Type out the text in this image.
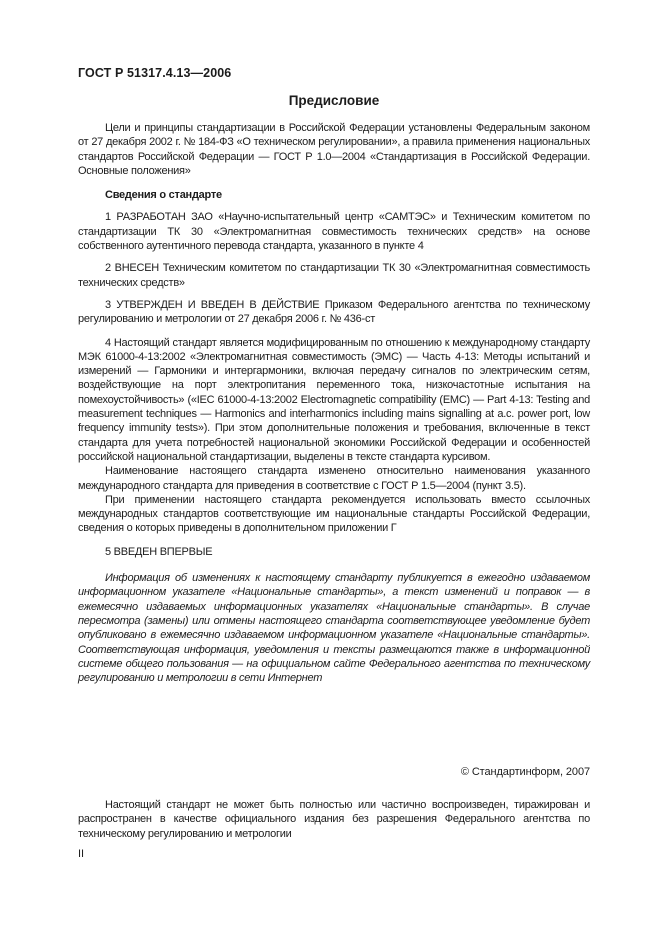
ГОСТ Р 51317.4.13—2006
Предисловие

Цели и принципы стандартизации в Российской Федерации установлены Федеральным законом от 27 декабря 2002 г. № 184-ФЗ «О техническом регулировании», а правила применения национальных стандартов Российской Федерации — ГОСТ Р 1.0—2004 «Стандартизация в Российской Федерации. Основные положения»

Сведения о стандарте

1 РАЗРАБОТАН ЗАО «Научно-испытательный центр «САМТЭС» и Техническим комитетом по стандартизации ТК 30 «Электромагнитная совместимость технических средств» на основе собственного аутентичного перевода стандарта, указанного в пункте 4

2 ВНЕСЕН Техническим комитетом по стандартизации ТК 30 «Электромагнитная совместимость технических средств»

3 УТВЕРЖДЕН И ВВЕДЕН В ДЕЙСТВИЕ Приказом Федерального агентства по техническому регулированию и метрологии от 27 декабря 2006 г. № 436-ст

4 Настоящий стандарт является модифицированным по отношению к международному стандарту МЭК 61000-4-13:2002 «Электромагнитная совместимость (ЭМС) — Часть 4-13: Методы испытаний и измерений — Гармоники и интергармоники, включая передачу сигналов по электрическим сетям, воздействующие на порт электропитания переменного тока, низкочастотные испытания на помехоустойчивость» («IEC 61000-4-13:2002 Electromagnetic compatibility (EMC) — Part 4-13: Testing and measurement techniques — Harmonics and interharmonics including mains signalling at a.c. power port, low frequency immunity tests»). При этом дополнительные положения и требования, включенные в текст стандарта для учета потребностей национальной экономики Российской Федерации и особенностей российской национальной стандартизации, выделены в тексте стандарта курсивом.

Наименование настоящего стандарта изменено относительно наименования указанного международного стандарта для приведения в соответствие с ГОСТ Р 1.5—2004 (пункт 3.5).

При применении настоящего стандарта рекомендуется использовать вместо ссылочных международных стандартов соответствующие им национальные стандарты Российской Федерации, сведения о которых приведены в дополнительном приложении Г

5 ВВЕДЕН ВПЕРВЫЕ

Информация об изменениях к настоящему стандарту публикуется в ежегодно издаваемом информационном указателе «Национальные стандарты», а текст изменений и поправок — в ежемесячно издаваемых информационных указателях «Национальные стандарты». В случае пересмотра (замены) или отмены настоящего стандарта соответствующее уведомление будет опубликовано в ежемесячно издаваемом информационном указателе «Национальные стандарты». Соответствующая информация, уведомления и тексты размещаются также в информационной системе общего пользования — на официальном сайте Федерального агентства по техническому регулированию и метрологии в сети Интернет

© Стандартинформ, 2007

Настоящий стандарт не может быть полностью или частично воспроизведен, тиражирован и распространен в качестве официального издания без разрешения Федерального агентства по техническому регулированию и метрологии

II
